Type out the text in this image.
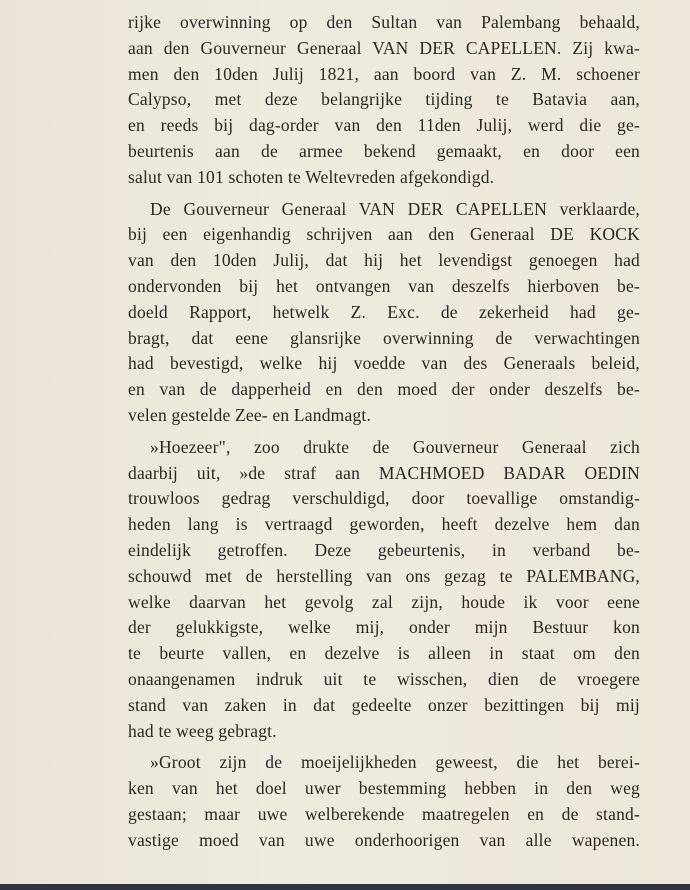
rijke overwinning op den Sultan van Palembang behaald,
aan den Gouverneur Generaal VAN DER CAPELLEN. Zij kwa-
men den 10den Julij 1821, aan boord van Z. M. schoener
Calypso, met deze belangrijke tijding te Batavia aan,
en reeds bij dag-order van den 11den Julij, werd die ge-
beurtenis aan de armee bekend gemaakt, en door een
salut van 101 schoten te Weltevreden afgekondigd.
De Gouverneur Generaal VAN DER CAPELLEN verklaarde,
bij een eigenhandig schrijven aan den Generaal DE KOCK
van den 10den Julij, dat hij het levendigst genoegen had
ondervonden bij het ontvangen van deszelfs hierboven be-
doeld Rapport, hetwelk Z. Exc. de zekerheid had ge-
bragt, dat eene glansrijke overwinning de verwachtingen
had bevestigd, welke hij voedde van des Generaals beleid,
en van de dapperheid en den moed der onder deszelfs be-
velen gestelde Zee- en Landmagt.
»Hoezeer", zoo drukte de Gouverneur Generaal zich
daarbij uit, »de straf aan MACHMOED BADAR OEDIN
trouwloos gedrag verschuldigd, door toevallige omstandig-
heden lang is vertraagd geworden, heeft dezelve hem dan
eindelijk getroffen. Deze gebeurtenis, in verband be-
schouwd met de herstelling van ons gezag te PALEMBANG,
welke daarvan het gevolg zal zijn, houde ik voor eene
der gelukkigste, welke mij, onder mijn Bestuur kon
te beurte vallen, en dezelve is alleen in staat om den
onaangenamen indruk uit te wisschen, dien de vroegere
stand van zaken in dat gedeelte onzer bezittingen bij mij
had te weeg gebragt.
»Groot zijn de moeijelijkheden geweest, die het berei-
ken van het doel uwer bestemming hebben in den weg
gestaan; maar uwe welberekende maatregelen en de stand-
vastige moed van uwe onderhoorigen van alle wapenen.
